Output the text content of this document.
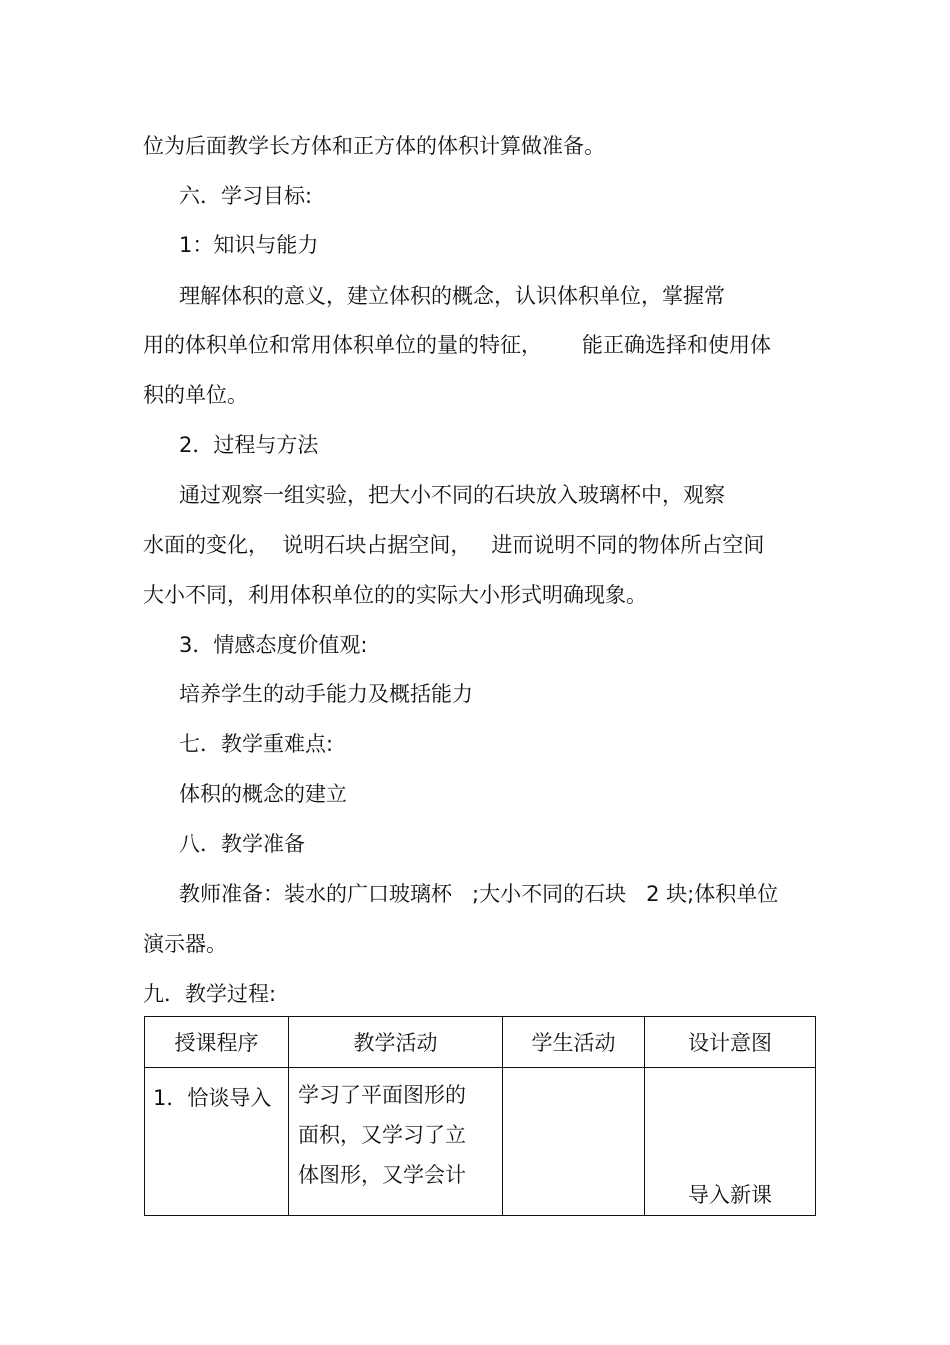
位为后面教学长方体和正方体的体积计算做准备。
六．学习目标:
1：知识与能力
理解体积的意义，建立体积的概念，认识体积单位，掌握常
用的体积单位和常用体积单位的量的特征，      能正确选择和使用体
积的单位。
2．过程与方法
通过观察一组实验，把大小不同的石块放入玻璃杯中，观察
水面的变化，  说明石块占据空间，   进而说明不同的物体所占空间
大小不同，利用体积单位的的实际大小形式明确现象。
3．情感态度价值观:
培养学生的动手能力及概括能力
七．教学重难点:
体积的概念的建立
八．教学准备
教师准备：装水的广口玻璃杯   ;大小不同的石块   2 块;体积单位
演示器。
九．教学过程:
授课程序	教学活动	学生活动	设计意图
1．恰谈导入	学习了平面图形的
面积，又学习了立
体图形，又学会计		导入新课
